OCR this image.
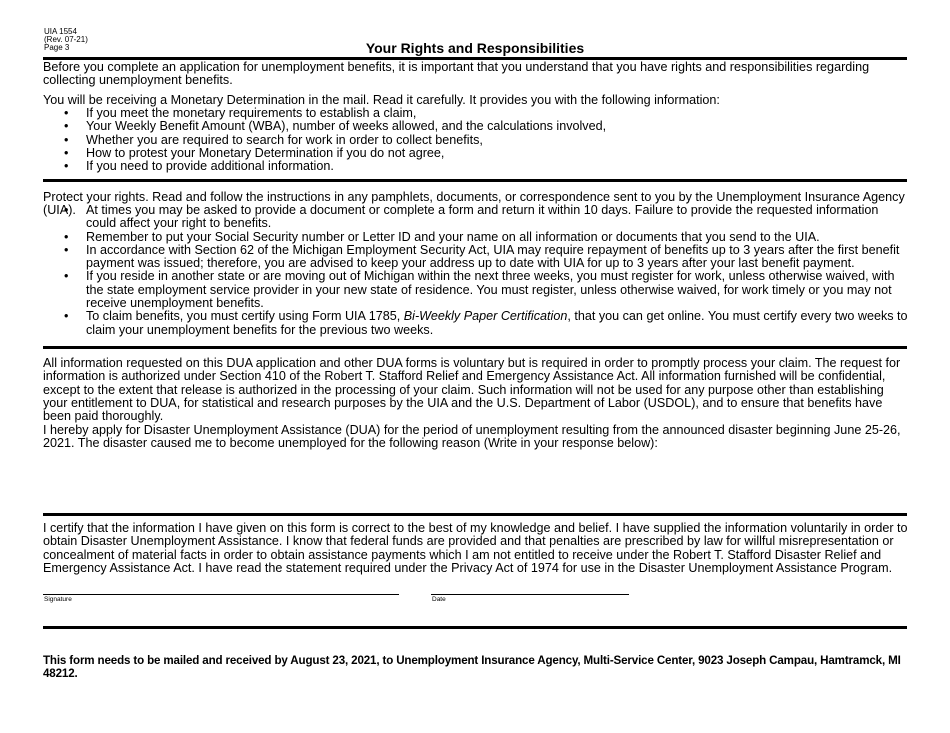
UIA 1554
(Rev. 07-21)
Page 3	Your Rights and Responsibilities
Before you complete an application for unemployment benefits, it is important that you understand that you have rights and responsibilities regarding collecting unemployment benefits.
You will be receiving a Monetary Determination in the mail. Read it carefully. It provides you with the following information:
• If you meet the monetary requirements to establish a claim,
• Your Weekly Benefit Amount (WBA), number of weeks allowed, and the calculations involved,
• Whether you are required to search for work in order to collect benefits,
• How to protest your Monetary Determination if you do not agree,
• If you need to provide additional information.
Protect your rights. Read and follow the instructions in any pamphlets, documents, or correspondence sent to you by the Unemployment Insurance Agency (UIA).
• At times you may be asked to provide a document or complete a form and return it within 10 days. Failure to provide the requested information could affect your right to benefits.
• Remember to put your Social Security number or Letter ID and your name on all information or documents that you send to the UIA.
• In accordance with Section 62 of the Michigan Employment Security Act, UIA may require repayment of benefits up to 3 years after the first benefit payment was issued; therefore, you are advised to keep your address up to date with UIA for up to 3 years after your last benefit payment.
• If you reside in another state or are moving out of Michigan within the next three weeks, you must register for work, unless otherwise waived, with the state employment service provider in your new state of residence. You must register, unless otherwise waived, for work timely or you may not receive unemployment benefits.
• To claim benefits, you must certify using Form UIA 1785, Bi-Weekly Paper Certification, that you can get online. You must certify every two weeks to claim your unemployment benefits for the previous two weeks.
All information requested on this DUA application and other DUA forms is voluntary but is required in order to promptly process your claim. The request for information is authorized under Section 410 of the Robert T. Stafford Relief and Emergency Assistance Act. All information furnished will be confidential, except to the extent that release is authorized in the processing of your claim. Such information will not be used for any purpose other than establishing your entitlement to DUA, for statistical and research purposes by the UIA and the U.S. Department of Labor (USDOL), and to ensure that benefits have been paid thoroughly.
I hereby apply for Disaster Unemployment Assistance (DUA) for the period of unemployment resulting from the announced disaster beginning June 25-26, 2021. The disaster caused me to become unemployed for the following reason (Write in your response below):
I certify that the information I have given on this form is correct to the best of my knowledge and belief. I have supplied the information voluntarily in order to obtain Disaster Unemployment Assistance. I know that federal funds are provided and that penalties are prescribed by law for willful misrepresentation or concealment of material facts in order to obtain assistance payments which I am not entitled to receive under the Robert T. Stafford Disaster Relief and Emergency Assistance Act. I have read the statement required under the Privacy Act of 1974 for use in the Disaster Unemployment Assistance Program.
Signature	Date
This form needs to be mailed and received by August 23, 2021, to Unemployment Insurance Agency, Multi-Service Center, 9023 Joseph Campau, Hamtramck, MI 48212.
